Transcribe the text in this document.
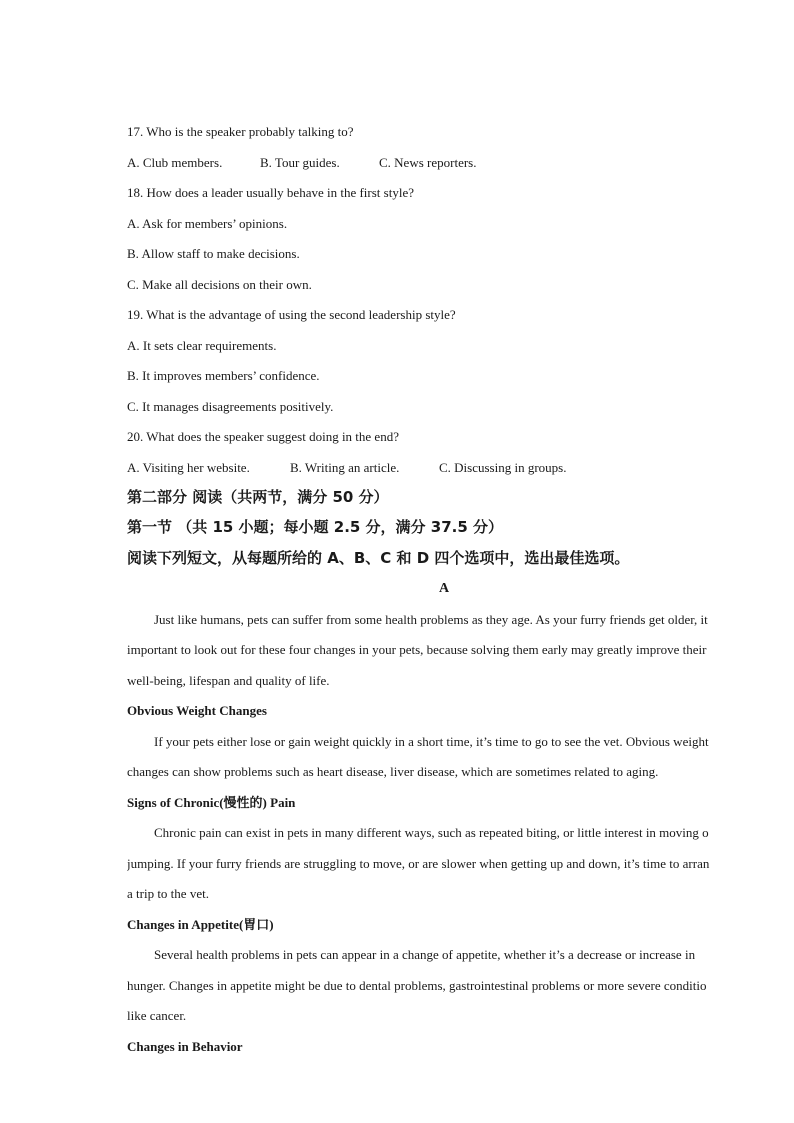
17. Who is the speaker probably talking to?
A. Club members.	B. Tour guides.	C. News reporters.
18. How does a leader usually behave in the first style?
A. Ask for members’ opinions.
B. Allow staff to make decisions.
C. Make all decisions on their own.
19. What is the advantage of using the second leadership style?
A. It sets clear requirements.
B. It improves members’ confidence.
C. It manages disagreements positively.
20. What does the speaker suggest doing in the end?
A. Visiting her website.	B. Writing an article.	C. Discussing in groups.
第二部分 阅读（共两节，满分 50 分）
第一节 （共 15 小题；每小题 2.5 分，满分 37.5 分）
阅读下列短文，从每题所给的 A、B、C 和 D 四个选项中，选出最佳选项。
A
Just like humans, pets can suffer from some health problems as they age. As your furry friends get older, it
important to look out for these four changes in your pets, because solving them early may greatly improve their
well-being, lifespan and quality of life.
Obvious Weight Changes
If your pets either lose or gain weight quickly in a short time, it’s time to go to see the vet. Obvious weight
changes can show problems such as heart disease, liver disease, which are sometimes related to aging.
Signs of Chronic(慢性的) Pain
Chronic pain can exist in pets in many different ways, such as repeated biting, or little interest in moving o
jumping. If your furry friends are struggling to move, or are slower when getting up and down, it’s time to arran
a trip to the vet.
Changes in Appetite(胃口)
Several health problems in pets can appear in a change of appetite, whether it’s a decrease or increase in
hunger. Changes in appetite might be due to dental problems, gastrointestinal problems or more severe conditio
like cancer.
Changes in Behavior
